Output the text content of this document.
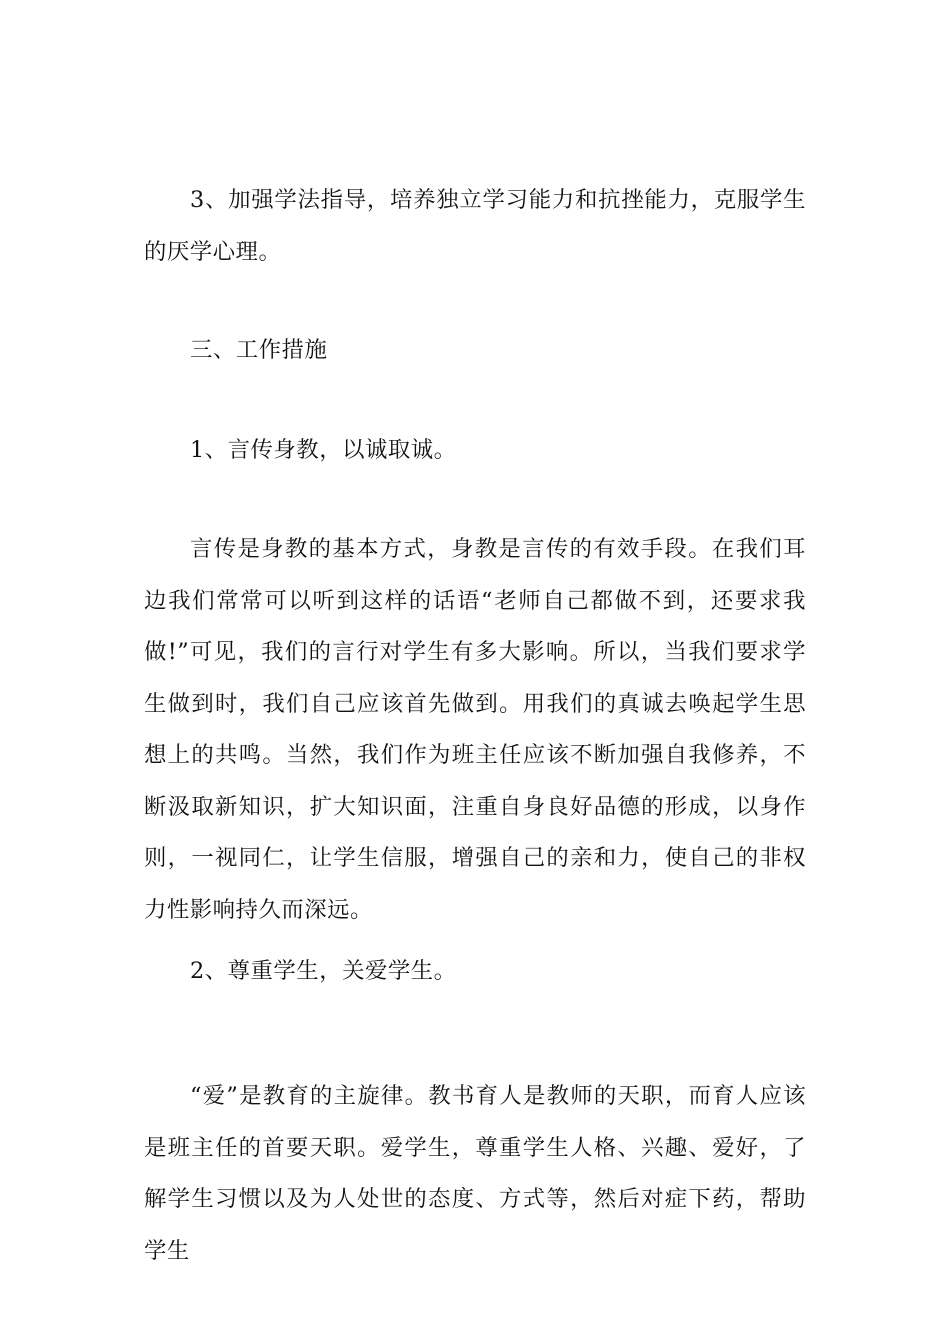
3、加强学法指导，培养独立学习能力和抗挫能力，克服学生的厌学心理。

三、工作措施

1、言传身教，以诚取诚。

言传是身教的基本方式，身教是言传的有效手段。在我们耳边我们常常可以听到这样的话语“老师自己都做不到，还要求我做!”可见，我们的言行对学生有多大影响。所以，当我们要求学生做到时，我们自己应该首先做到。用我们的真诚去唤起学生思想上的共鸣。当然，我们作为班主任应该不断加强自我修养，不断汲取新知识，扩大知识面，注重自身良好品德的形成，以身作则，一视同仁，让学生信服，增强自己的亲和力，使自己的非权力性影响持久而深远。

2、尊重学生，关爱学生。

“爱”是教育的主旋律。教书育人是教师的天职，而育人应该是班主任的首要天职。爱学生，尊重学生人格、兴趣、爱好，了解学生习惯以及为人处世的态度、方式等，然后对症下药，帮助学生
